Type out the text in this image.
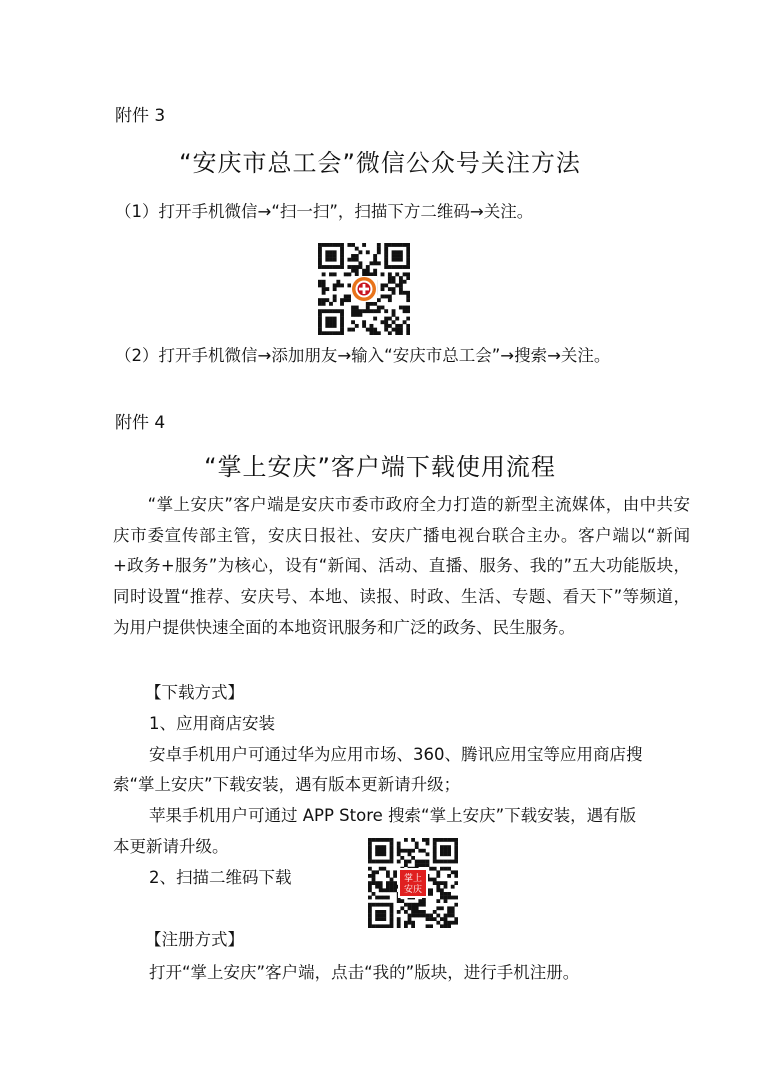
附件 3
“安庆市总工会”微信公众号关注方法
（1）打开手机微信→“扫一扫”，扫描下方二维码→关注。
（2）打开手机微信→添加朋友→输入“安庆市总工会”→搜索→关注。
附件 4
“掌上安庆”客户端下载使用流程
“掌上安庆”客户端是安庆市委市政府全力打造的新型主流媒体，由中共安庆市委宣传部主管，安庆日报社、安庆广播电视台联合主办。客户端以“新闻+政务+服务”为核心，设有“新闻、活动、直播、服务、我的”五大功能版块，同时设置“推荐、安庆号、本地、读报、时政、生活、专题、看天下”等频道，为用户提供快速全面的本地资讯服务和广泛的政务、民生服务。
【下载方式】
1、应用商店安装
安卓手机用户可通过华为应用市场、360、腾讯应用宝等应用商店搜
索“掌上安庆”下载安装，遇有版本更新请升级；
苹果手机用户可通过 APP Store 搜索“掌上安庆”下载安装，遇有版
本更新请升级。
2、扫描二维码下载	掌上
安庆
【注册方式】
打开“掌上安庆”客户端，点击“我的”版块，进行手机注册。
